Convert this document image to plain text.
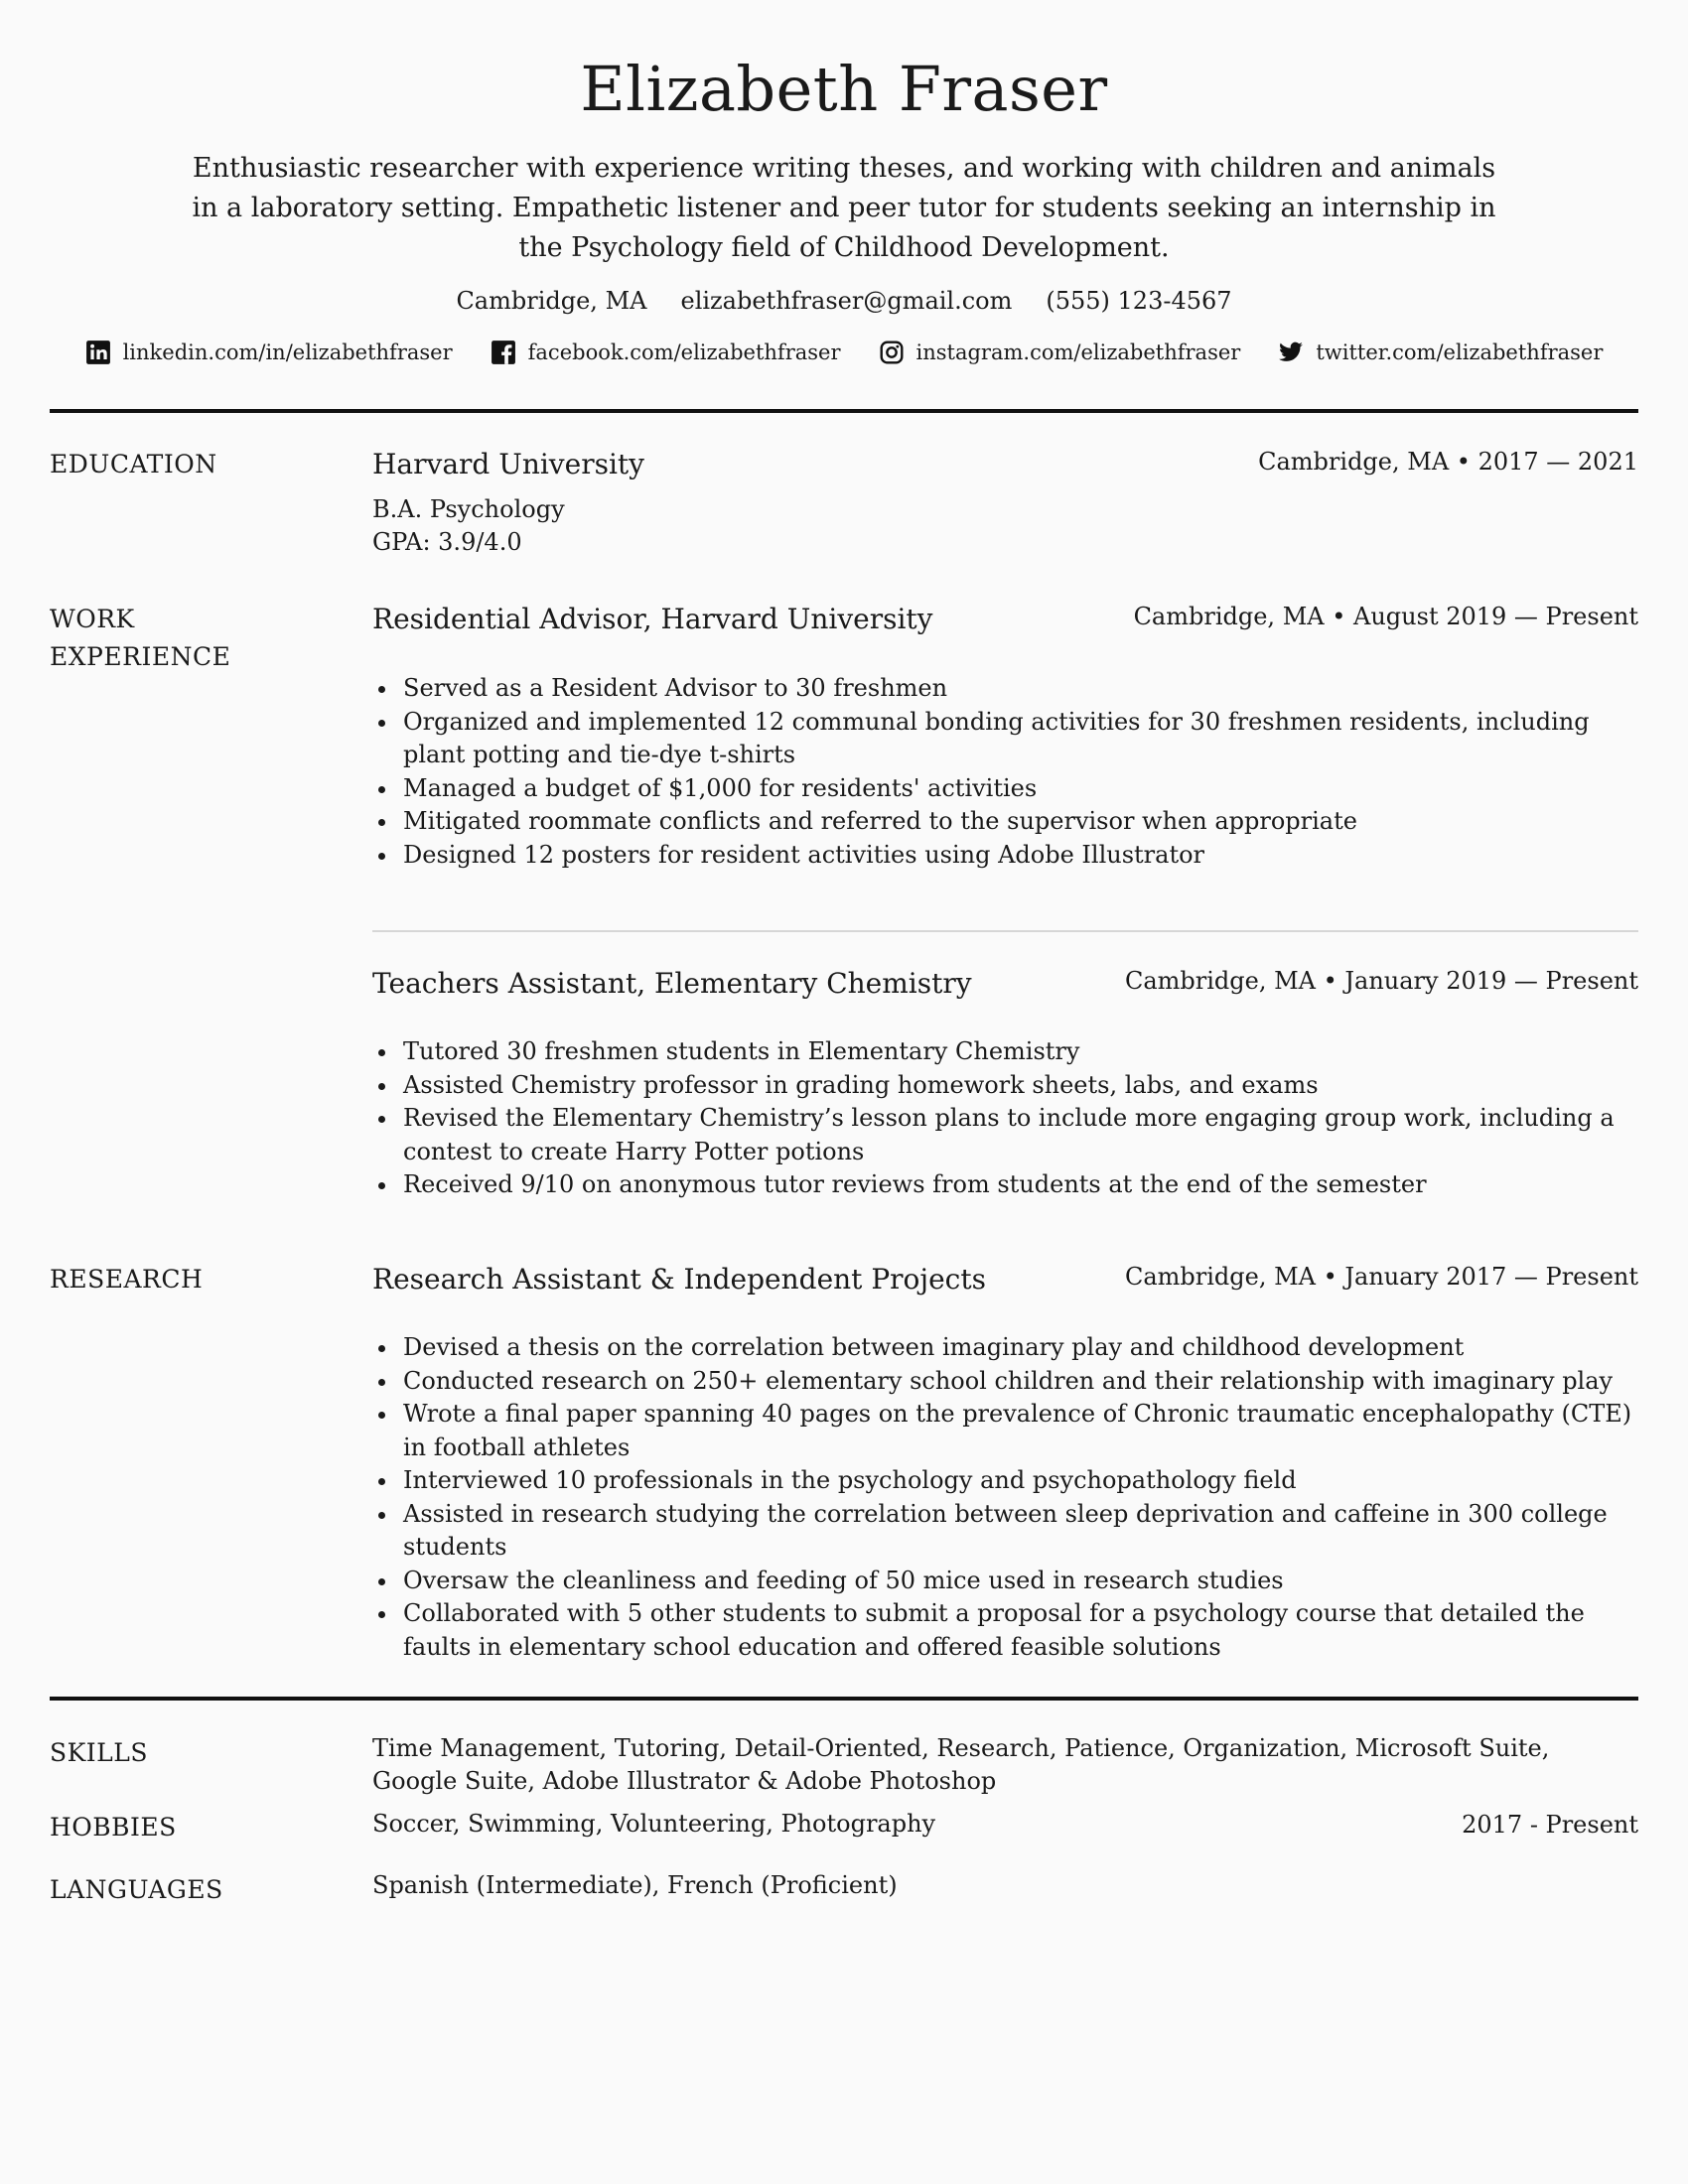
Elizabeth Fraser

Enthusiastic researcher with experience writing theses, and working with children and animals in a laboratory setting. Empathetic listener and peer tutor for students seeking an internship in the Psychology field of Childhood Development.

Cambridge, MA elizabethfraser@gmail.com (555) 123-4567
linkedin.com/in/elizabethfraser	facebook.com/elizabethfraser	instagram.com/elizabethfraser	twitter.com/elizabethfraser
EDUCATION	Harvard University	Cambridge, MA • 2017 — 2021
B.A. Psychology
GPA: 3.9/4.0
WORK
EXPERIENCE
Residential Advisor, Harvard University	Cambridge, MA • August 2019 — Present
Served as a Resident Advisor to 30 freshmen
Organized and implemented 12 communal bonding activities for 30 freshmen residents, including plant potting and tie-dye t-shirts
Managed a budget of $1,000 for residents' activities
Mitigated roommate conflicts and referred to the supervisor when appropriate
Designed 12 posters for resident activities using Adobe Illustrator
Teachers Assistant, Elementary Chemistry	Cambridge, MA • January 2019 — Present
Tutored 30 freshmen students in Elementary Chemistry
Assisted Chemistry professor in grading homework sheets, labs, and exams
Revised the Elementary Chemistry’s lesson plans to include more engaging group work, including a contest to create Harry Potter potions
Received 9/10 on anonymous tutor reviews from students at the end of the semester
RESEARCH	Research Assistant & Independent Projects	Cambridge, MA • January 2017 — Present
Devised a thesis on the correlation between imaginary play and childhood development
Conducted research on 250+ elementary school children and their relationship with imaginary play
Wrote a final paper spanning 40 pages on the prevalence of Chronic traumatic encephalopathy (CTE) in football athletes
Interviewed 10 professionals in the psychology and psychopathology field
Assisted in research studying the correlation between sleep deprivation and caffeine in 300 college students
Oversaw the cleanliness and feeding of 50 mice used in research studies
Collaborated with 5 other students to submit a proposal for a psychology course that detailed the faults in elementary school education and offered feasible solutions
SKILLS	Time Management, Tutoring, Detail-Oriented, Research, Patience, Organization, Microsoft Suite, Google Suite, Adobe Illustrator & Adobe Photoshop
HOBBIES	Soccer, Swimming, Volunteering, Photography	2017 - Present
LANGUAGES	Spanish (Intermediate), French (Proficient)
